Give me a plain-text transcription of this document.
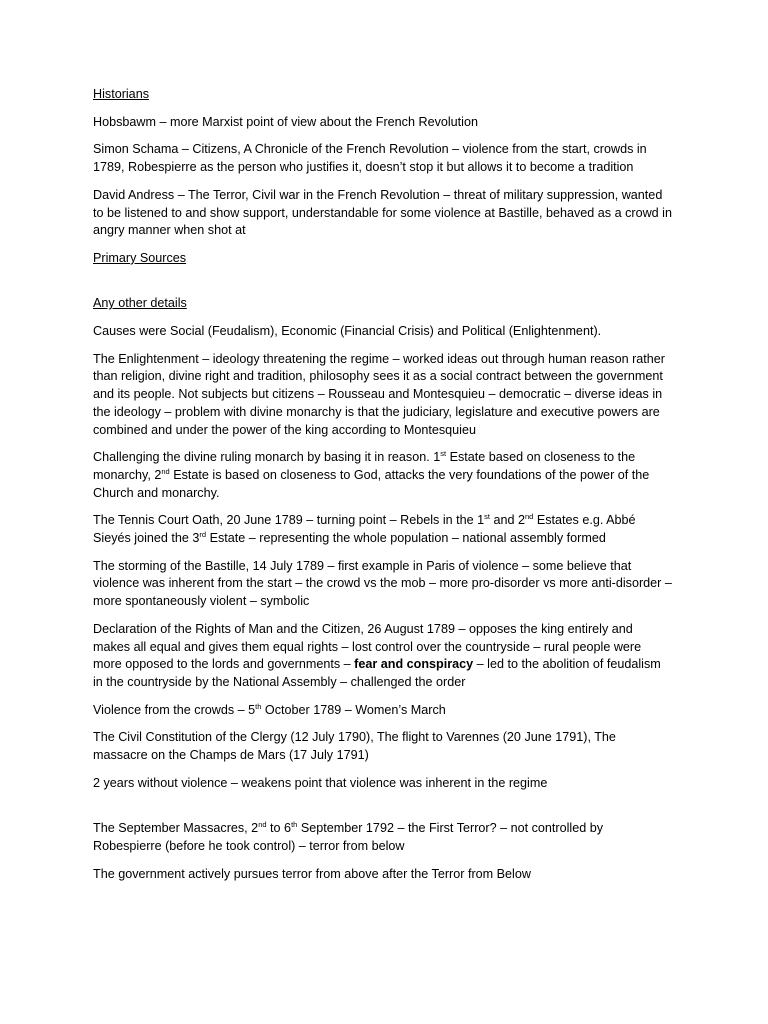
Historians

Hobsbawm – more Marxist point of view about the French Revolution

Simon Schama – Citizens, A Chronicle of the French Revolution – violence from the start, crowds in 1789, Robespierre as the person who justifies it, doesn’t stop it but allows it to become a tradition

David Andress – The Terror, Civil war in the French Revolution – threat of military suppression, wanted to be listened to and show support, understandable for some violence at Bastille, behaved as a crowd in angry manner when shot at

Primary Sources

Any other details

Causes were Social (Feudalism), Economic (Financial Crisis) and Political (Enlightenment).

The Enlightenment – ideology threatening the regime – worked ideas out through human reason rather than religion, divine right and tradition, philosophy sees it as a social contract between the government and its people. Not subjects but citizens – Rousseau and Montesquieu – democratic – diverse ideas in the ideology – problem with divine monarchy is that the judiciary, legislature and executive powers are combined and under the power of the king according to Montesquieu

Challenging the divine ruling monarch by basing it in reason. 1st Estate based on closeness to the monarchy, 2nd Estate is based on closeness to God, attacks the very foundations of the power of the Church and monarchy.

The Tennis Court Oath, 20 June 1789 – turning point – Rebels in the 1st and 2nd Estates e.g. Abbé Sieyés joined the 3rd Estate – representing the whole population – national assembly formed

The storming of the Bastille, 14 July 1789 – first example in Paris of violence – some believe that violence was inherent from the start – the crowd vs the mob – more pro-disorder vs more anti-disorder – more spontaneously violent – symbolic

Declaration of the Rights of Man and the Citizen, 26 August 1789 – opposes the king entirely and makes all equal and gives them equal rights – lost control over the countryside – rural people were more opposed to the lords and governments – fear and conspiracy – led to the abolition of feudalism in the countryside by the National Assembly – challenged the order

Violence from the crowds – 5th October 1789 – Women’s March

The Civil Constitution of the Clergy (12 July 1790), The flight to Varennes (20 June 1791), The massacre on the Champs de Mars (17 July 1791)

2 years without violence – weakens point that violence was inherent in the regime

The September Massacres, 2nd to 6th September 1792 – the First Terror? – not controlled by Robespierre (before he took control) – terror from below

The government actively pursues terror from above after the Terror from Below
